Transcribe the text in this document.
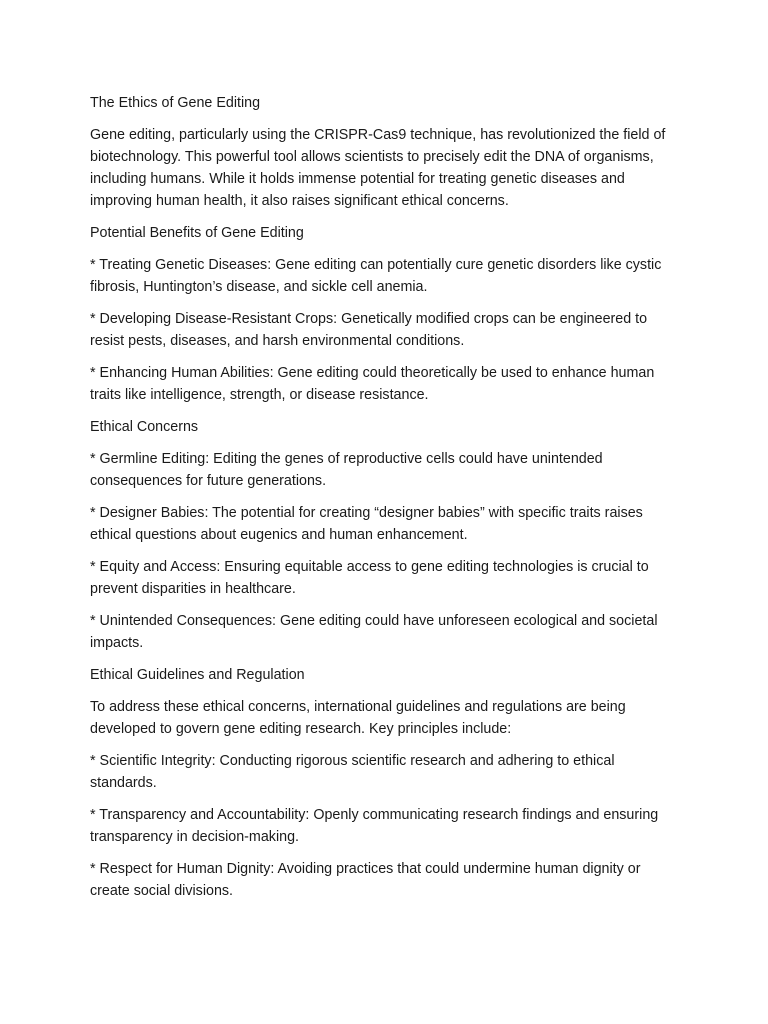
The Ethics of Gene Editing

Gene editing, particularly using the CRISPR-Cas9 technique, has revolutionized the field of biotechnology. This powerful tool allows scientists to precisely edit the DNA of organisms, including humans. While it holds immense potential for treating genetic diseases and improving human health, it also raises significant ethical concerns.

Potential Benefits of Gene Editing

* Treating Genetic Diseases: Gene editing can potentially cure genetic disorders like cystic fibrosis, Huntington’s disease, and sickle cell anemia.

* Developing Disease-Resistant Crops: Genetically modified crops can be engineered to resist pests, diseases, and harsh environmental conditions.

* Enhancing Human Abilities: Gene editing could theoretically be used to enhance human traits like intelligence, strength, or disease resistance.

Ethical Concerns

* Germline Editing: Editing the genes of reproductive cells could have unintended consequences for future generations.

* Designer Babies: The potential for creating “designer babies” with specific traits raises ethical questions about eugenics and human enhancement.

* Equity and Access: Ensuring equitable access to gene editing technologies is crucial to prevent disparities in healthcare.

* Unintended Consequences: Gene editing could have unforeseen ecological and societal impacts.

Ethical Guidelines and Regulation

To address these ethical concerns, international guidelines and regulations are being developed to govern gene editing research. Key principles include:

* Scientific Integrity: Conducting rigorous scientific research and adhering to ethical standards.

* Transparency and Accountability: Openly communicating research findings and ensuring transparency in decision-making.

* Respect for Human Dignity: Avoiding practices that could undermine human dignity or create social divisions.
